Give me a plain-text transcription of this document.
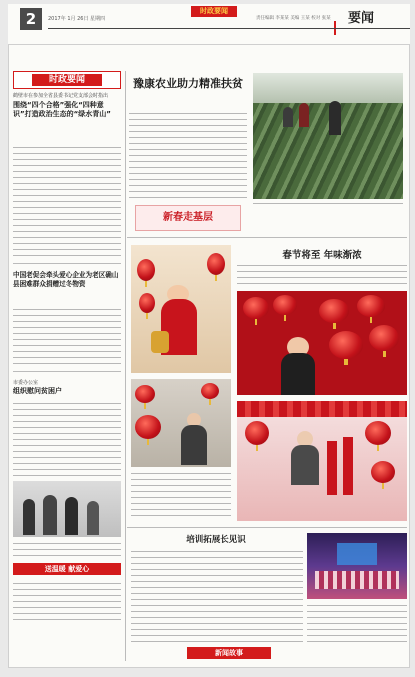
2	2017年 1月 26日 星期四
时政要闻
责任编辑 李某某 美编 王某 校对 张某 要闻
时政要闻
鹤壁市在参加全省县委书记党支部会时指出
围绕“四个合格”强化“四种意识”打造政治生态的“绿水青山”
中国老促会牵头爱心企业为老区确山县困难群众捐赠过冬物资
市委办公室
组织慰问贫困户
送温暖 献爱心
豫康农业助力精准扶贫
新春走基层
春节将至 年味渐浓
培训拓展长见识
新闻故事
